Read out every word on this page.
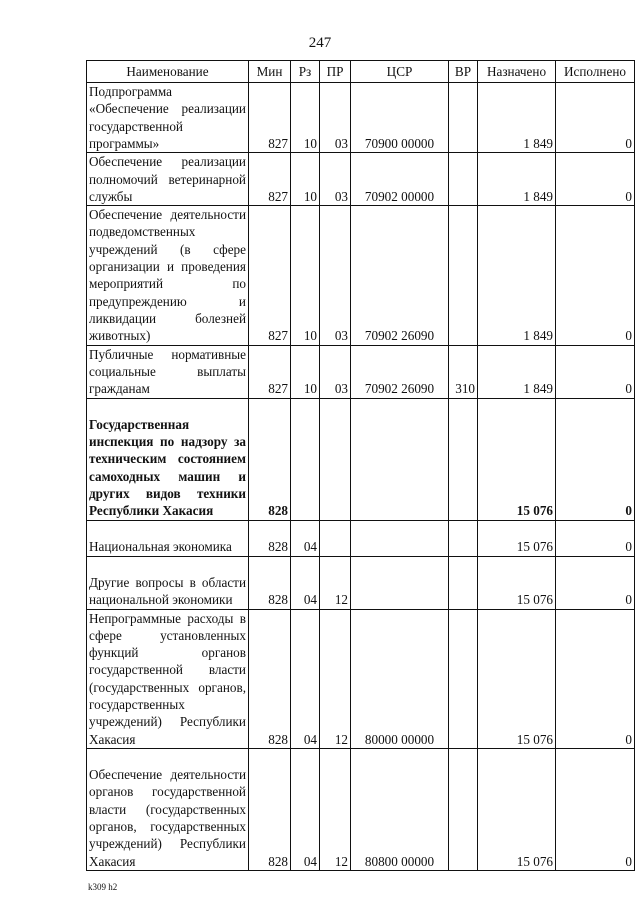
247
Наименование	Мин	Рз	ПР	ЦСР	ВР	Назначено	Исполнено
Подпрограмма «Обеспечение реализации государственной программы»	827	10	03	70900 00000		1 849	0
Обеспечение реализации полномочий ветеринарной службы	827	10	03	70902 00000		1 849	0
Обеспечение деятельности подведомственных учреждений (в сфере организации и проведения мероприятий по предупреждению и ликвидации болезней животных)	827	10	03	70902 26090		1 849	0
Публичные нормативные социальные выплаты гражданам	827	10	03	70902 26090	310	1 849	0
Государственная инспекция по надзору за техническим состоянием самоходных машин и других видов техники Республики Хакасия	828					15 076	0
Национальная экономика	828	04				15 076	0
Другие вопросы в области национальной экономики	828	04	12			15 076	0
Непрограммные расходы в сфере установленных функций органов государственной власти (государственных органов, государственных учреждений) Республики Хакасия	828	04	12	80000 00000		15 076	0
Обеспечение деятельности органов государственной власти (государственных органов, государственных учреждений) Республики Хакасия	828	04	12	80800 00000		15 076	0
k309 h2
